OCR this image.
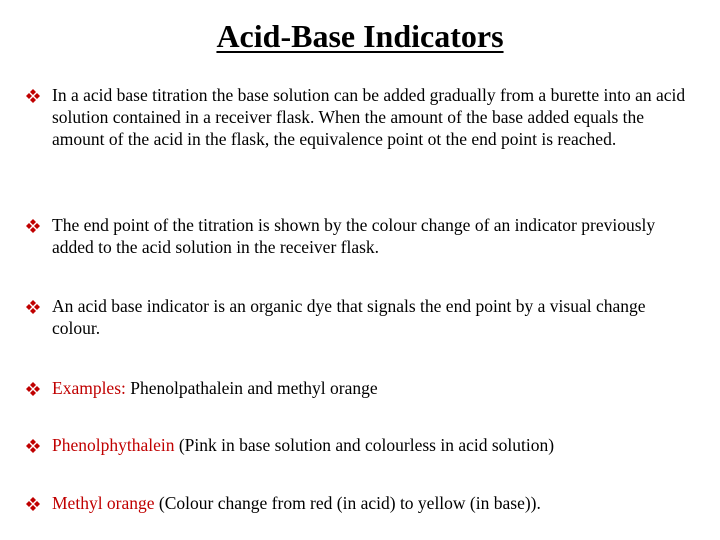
Acid-Base Indicators
In a acid base titration the base solution can be added gradually from a burette into an acid solution contained in a receiver flask. When the amount of the base added equals the amount of the acid in the flask, the equivalence point ot the end point is reached.
The end point of the titration is shown by the colour change of an indicator previously added to the acid solution in the receiver flask.
An acid base indicator is an organic dye that signals the end point by a visual change colour.
Examples: Phenolpathalein and methyl orange
Phenolphythalein (Pink in base solution and colourless in acid solution)
Methyl orange (Colour change from red (in acid) to yellow (in base)).
